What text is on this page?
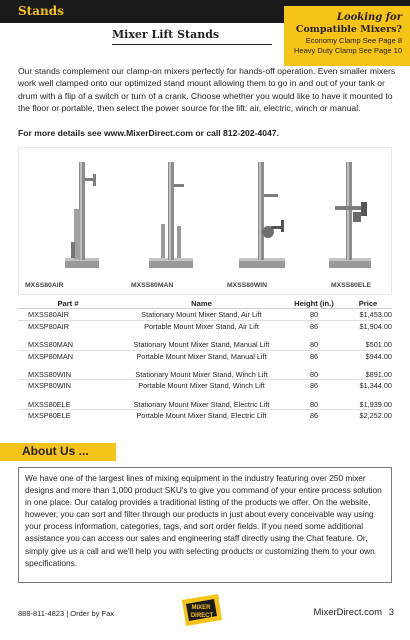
Stands
Mixer Lift Stands
Looking for
Compatible Mixers?
Economy Clamp See Page 8
Heavy Duty Clamp See Page 10
Our stands complement our clamp-on mixers perfectly for hands-off operation. Even smaller mixers work well clamped onto our optimized stand mount allowing them to go in and out of your tank or drum with a flip of a switch or turn of a crank. Choose whether you would like to have it mounted to the floor or portable, then select the power source for the lift: air, electric, winch or manual.
For more details see www.MixerDirect.com or call 812-202-4047.
MXSS80AIR	MXSS80MAN	MXSS80WIN	MXSS80ELE
Part #	Name	Height (in.)	Price
MXSS80AIR	Stationary Mount Mixer Stand, Air Lift	80	$1,453.00
MXSP80AIR	Portable Mount Mixer Stand, Air Lift	86	$1,904.00
MXSS80MAN	Stationary Mount Mixer Stand, Manual Lift	80	$501.00
MXSP80MAN	Portable Mount Mixer Stand, Manual Lift	86	$944.00
MXSS80WIN	Stationary Mount Mixer Stand, Winch Lift	80	$891.00
MXSP80WIN	Portable Mount Mixer Stand, Winch Lift	86	$1,344.00
MXSS80ELE	Stationary Mount Mixer Stand, Electric Lift	80	$1,939.00
MXSP80ELE	Portable Mount Mixer Stand, Electric Lift	86	$2,252.00
About Us ...
We have one of the largest lines of mixing equipment in the industry featuring over 250 mixer designs and more than 1,000 product SKU's to give you command of your entire process solution in one place. Our catalog provides a traditional listing of the products we offer. On the website, however, you can sort and filter through our products in just about every conceivable way using your process information, categories, tags, and sort order fields. If you need some additional assistance you can access our sales and engineering staff directly using the Chat feature. Or, simply give us a call and we'll help you with selecting products or customizing them to your own specifications.
888-811-4823 | Order by Fax
MIXER
DIRECT	MixerDirect.com 3
